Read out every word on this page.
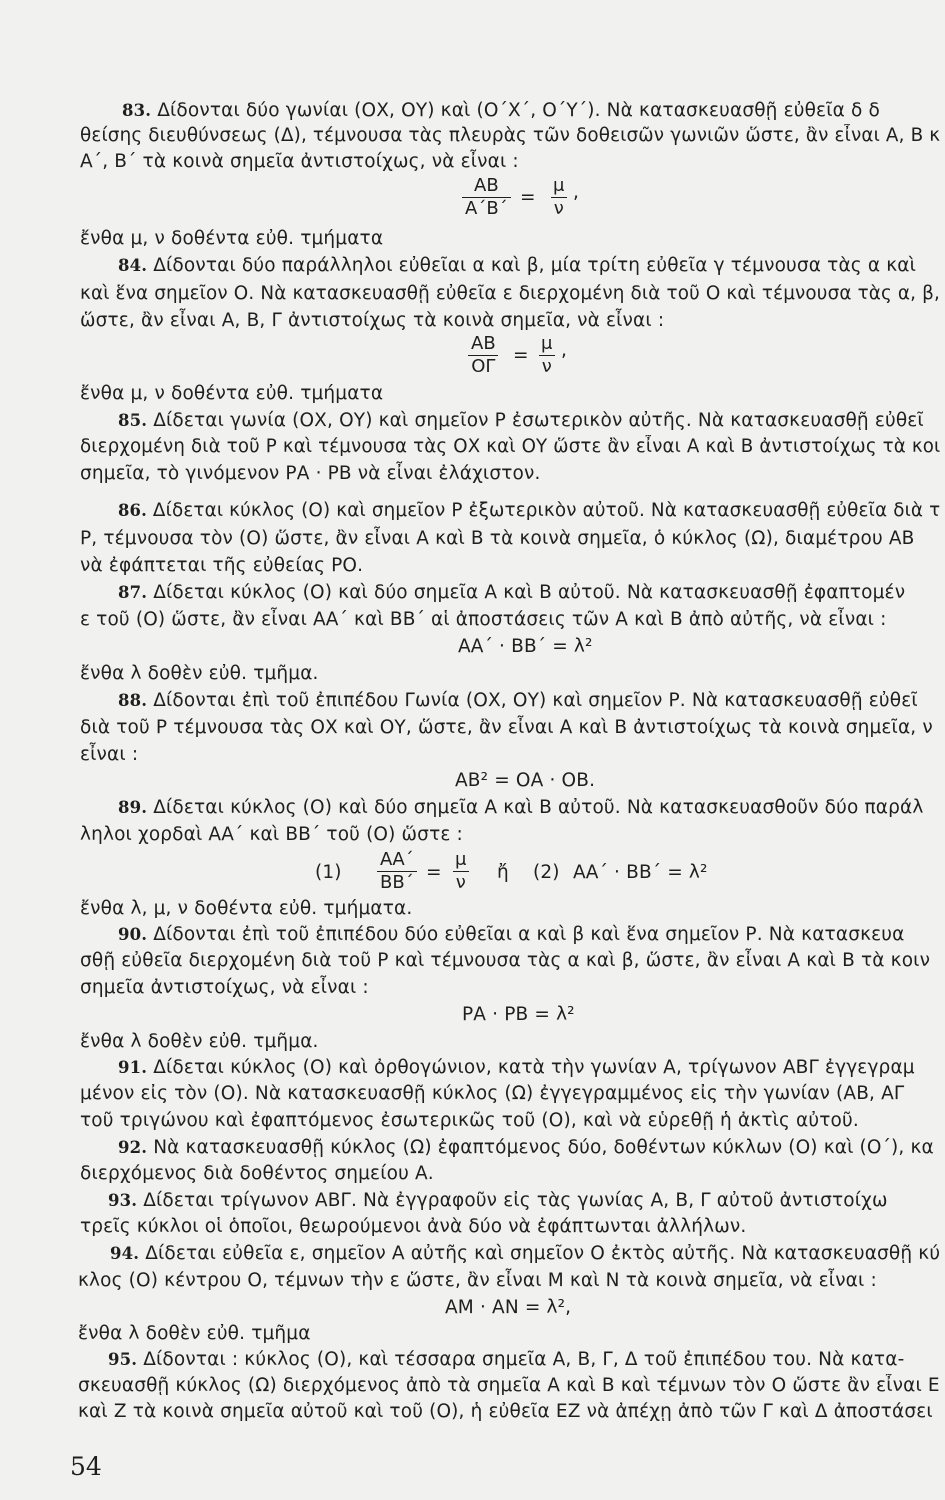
83. Δίδονται δύο γωνίαι (ΟΧ, ΟΥ) καὶ (Ο΄Χ΄, Ο΄Υ΄). Νὰ κατασκευασθῇ εὐθεῖα δ δ
θείσης διευθύνσεως (Δ), τέμνουσα τὰς πλευρὰς τῶν δοθεισῶν γωνιῶν ὥστε, ἂν εἶναι Α, Β κ
Α΄, Β΄ τὰ κοινὰ σημεῖα ἀντιστοίχως, νὰ εἶναι :
$\frac{AB}{A΄B΄} = \frac{\mu}{\nu}$ ,
ἔνθα μ, ν δοθέντα εὐθ. τμήματα
84. Δίδονται δύο παράλληλοι εὐθεῖαι α καὶ β, μία τρίτη εὐθεῖα γ τέμνουσα τὰς α καὶ
καὶ ἕνα σημεῖον Ο. Νὰ κατασκευασθῇ εὐθεῖα ε διερχομένη διὰ τοῦ Ο καὶ τέμνουσα τὰς α, β,
ὥστε, ἂν εἶναι Α, Β, Γ ἀντιστοίχως τὰ κοινὰ σημεῖα, νὰ εἶναι :
$\frac{AB}{O\Gamma} = \frac{\mu}{\nu}$ ,
ἔνθα μ, ν δοθέντα εὐθ. τμήματα
85. Δίδεται γωνία (ΟΧ, ΟΥ) καὶ σημεῖον Ρ ἐσωτερικὸν αὐτῆς. Νὰ κατασκευασθῇ εὐθεῖ
διερχομένη διὰ τοῦ Ρ καὶ τέμνουσα τὰς ΟΧ καὶ ΟΥ ὥστε ἂν εἶναι Α καὶ Β ἀντιστοίχως τὰ κοι
σημεῖα, τὸ γινόμενον ΡΑ · ΡΒ νὰ εἶναι ἐλάχιστον.
86. Δίδεται κύκλος (Ο) καὶ σημεῖον Ρ ἐξωτερικὸν αὐτοῦ. Νὰ κατασκευασθῇ εὐθεῖα διὰ τ
Ρ, τέμνουσα τὸν (Ο) ὥστε, ἂν εἶναι Α καὶ Β τὰ κοινὰ σημεῖα, ὁ κύκλος (Ω), διαμέτρου ΑΒ
νὰ ἐφάπτεται τῆς εὐθείας ΡΟ.
87. Δίδεται κύκλος (Ο) καὶ δύο σημεῖα Α καὶ Β αὐτοῦ. Νὰ κατασκευασθῇ ἐφαπτομέν
ε τοῦ (Ο) ὥστε, ἂν εἶναι ΑΑ΄ καὶ ΒΒ΄ αἱ ἀποστάσεις τῶν Α καὶ Β ἀπὸ αὐτῆς, νὰ εἶναι :
ΑΑ΄ · ΒΒ΄ = λ²
ἔνθα λ δοθὲν εὐθ. τμῆμα.
88. Δίδονται ἐπὶ τοῦ ἐπιπέδου Γωνία (ΟΧ, ΟΥ) καὶ σημεῖον Ρ. Νὰ κατασκευασθῇ εὐθεῖ
διὰ τοῦ Ρ τέμνουσα τὰς ΟΧ καὶ ΟΥ, ὥστε, ἂν εἶναι Α καὶ Β ἀντιστοίχως τὰ κοινὰ σημεῖα, ν
εἶναι :
ΑΒ² = ΟΑ · ΟΒ.
89. Δίδεται κύκλος (Ο) καὶ δύο σημεῖα Α καὶ Β αὐτοῦ. Νὰ κατασκευασθοῦν δύο παράλ
ληλοι χορδαὶ ΑΑ΄ καὶ ΒΒ΄ τοῦ (Ο) ὥστε :
$(1) \frac{AA΄}{BB΄} = \frac{\mu}{\nu}$ ἤ (2) ΑΑ΄ · ΒΒ΄ = λ²
ἔνθα λ, μ, ν δοθέντα εὐθ. τμήματα.
90. Δίδονται ἐπὶ τοῦ ἐπιπέδου δύο εὐθεῖαι α καὶ β καὶ ἕνα σημεῖον Ρ. Νὰ κατασκευα
σθῇ εὐθεῖα διερχομένη διὰ τοῦ Ρ καὶ τέμνουσα τὰς α καὶ β, ὥστε, ἂν εἶναι Α καὶ Β τὰ κοιν
σημεῖα ἀντιστοίχως, νὰ εἶναι :
ΡΑ · ΡΒ = λ²
ἔνθα λ δοθὲν εὐθ. τμῆμα.
91. Δίδεται κύκλος (Ο) καὶ ὀρθογώνιον, κατὰ τὴν γωνίαν Α, τρίγωνον ΑΒΓ ἐγγεγραμ
μένον εἰς τὸν (Ο). Νὰ κατασκευασθῇ κύκλος (Ω) ἐγγεγραμμένος εἰς τὴν γωνίαν (ΑΒ, ΑΓ
τοῦ τριγώνου καὶ ἐφαπτόμενος ἐσωτερικῶς τοῦ (Ο), καὶ νὰ εὑρεθῇ ἡ ἀκτὶς αὐτοῦ.
92. Νὰ κατασκευασθῇ κύκλος (Ω) ἐφαπτόμενος δύο, δοθέντων κύκλων (Ο) καὶ (Ο΄), κα
διερχόμενος διὰ δοθέντος σημείου Α.
93. Δίδεται τρίγωνον ΑΒΓ. Νὰ ἐγγραφοῦν εἰς τὰς γωνίας Α, Β, Γ αὐτοῦ ἀντιστοίχω
τρεῖς κύκλοι οἱ ὁποῖοι, θεωρούμενοι ἀνὰ δύο νὰ ἐφάπτωνται ἀλλήλων.
94. Δίδεται εὐθεῖα ε, σημεῖον Α αὐτῆς καὶ σημεῖον Ο ἐκτὸς αὐτῆς. Νὰ κατασκευασθῇ κύ
κλος (Ο) κέντρου Ο, τέμνων τὴν ε ὥστε, ἂν εἶναι Μ καὶ Ν τὰ κοινὰ σημεῖα, νὰ εἶναι :
ΑΜ · ΑΝ = λ²,
ἔνθα λ δοθὲν εὐθ. τμῆμα
95. Δίδονται : κύκλος (Ο), καὶ τέσσαρα σημεῖα Α, Β, Γ, Δ τοῦ ἐπιπέδου του. Νὰ κατα-
σκευασθῇ κύκλος (Ω) διερχόμενος ἀπὸ τὰ σημεῖα Α καὶ Β καὶ τέμνων τὸν Ο ὥστε ἂν εἶναι Ε
καὶ Ζ τὰ κοινὰ σημεῖα αὐτοῦ καὶ τοῦ (Ο), ἡ εὐθεῖα ΕΖ νὰ ἀπέχῃ ἀπὸ τῶν Γ καὶ Δ ἀποστάσει
54
